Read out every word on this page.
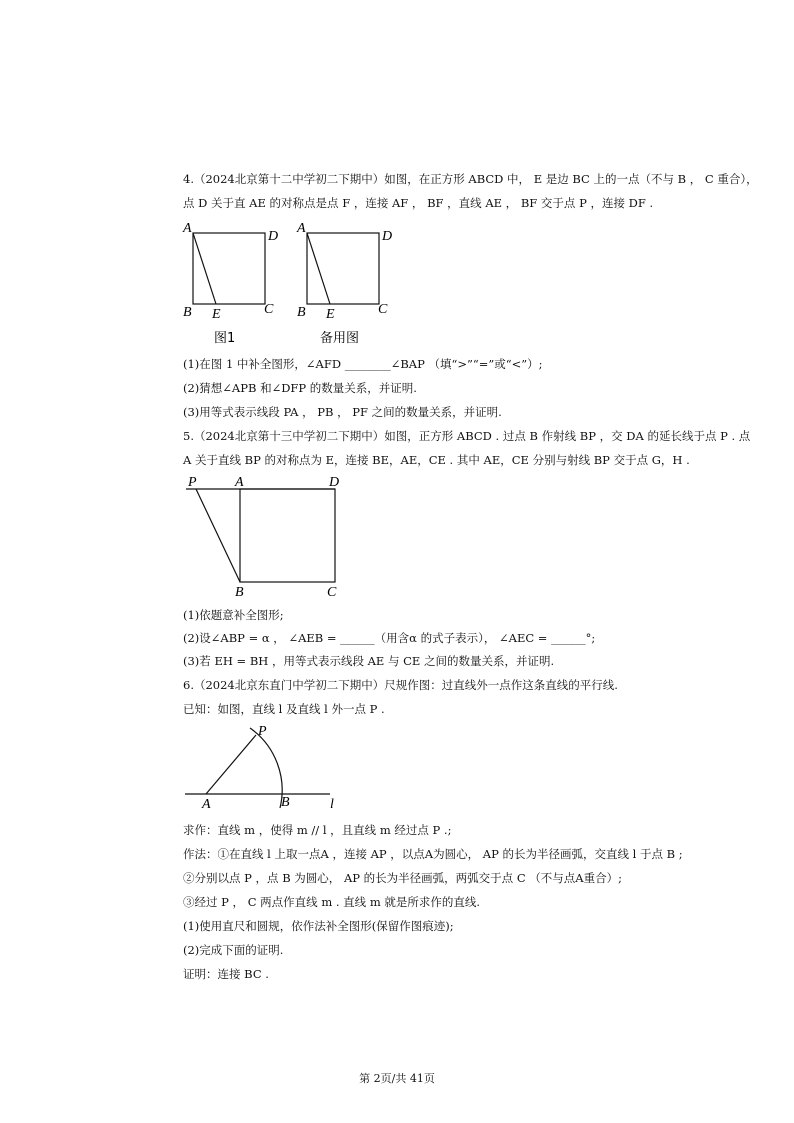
4.（2024北京第十二中学初二下期中）如图，在正方形 ABCD 中， E 是边 BC 上的一点（不与 B ， C 重合），
点 D 关于直 AE 的对称点是点 F ，连接 AF ， BF ，直线 AE ， BF 交于点 P ，连接 DF .
A
D
B E	C
图1
A
D
B E	C
备用图
(1)在图 1 中补全图形，∠AFD ________∠BAP （填“>”“=”或“<”）;
(2)猜想∠APB 和∠DFP 的数量关系，并证明.
(3)用等式表示线段 PA ， PB ， PF 之间的数量关系，并证明.
5.（2024北京第十三中学初二下期中）如图，正方形 ABCD . 过点 B 作射线 BP ，交 DA 的延长线于点 P . 点
A 关于直线 BP 的对称点为 E，连接 BE，AE，CE . 其中 AE，CE 分别与射线 BP 交于点 G，H .
P	A	D
B	C
(1)依题意补全图形;
(2)设∠ABP = α ， ∠AEB = ______（用含α 的式子表示）， ∠AEC = ______°;
(3)若 EH = BH ，用等式表示线段 AE 与 CE 之间的数量关系，并证明.
6.（2024北京东直门中学初二下期中）尺规作图：过直线外一点作这条直线的平行线.
已知：如图，直线 l 及直线 l 外一点 P .
P
A	B	l
求作：直线 m ，使得 m // l ，且直线 m 经过点 P .;
作法：①在直线 l 上取一点A ，连接 AP ，以点A为圆心， AP 的长为半径画弧，交直线 l 于点 B ;
②分别以点 P ，点 B 为圆心， AP 的长为半径画弧，两弧交于点 C （不与点A重合）;
③经过 P ， C 两点作直线 m . 直线 m 就是所求作的直线.
(1)使用直尺和圆规，依作法补全图形(保留作图痕迹);
(2)完成下面的证明.
证明：连接 BC .
第 2页/共 41页
